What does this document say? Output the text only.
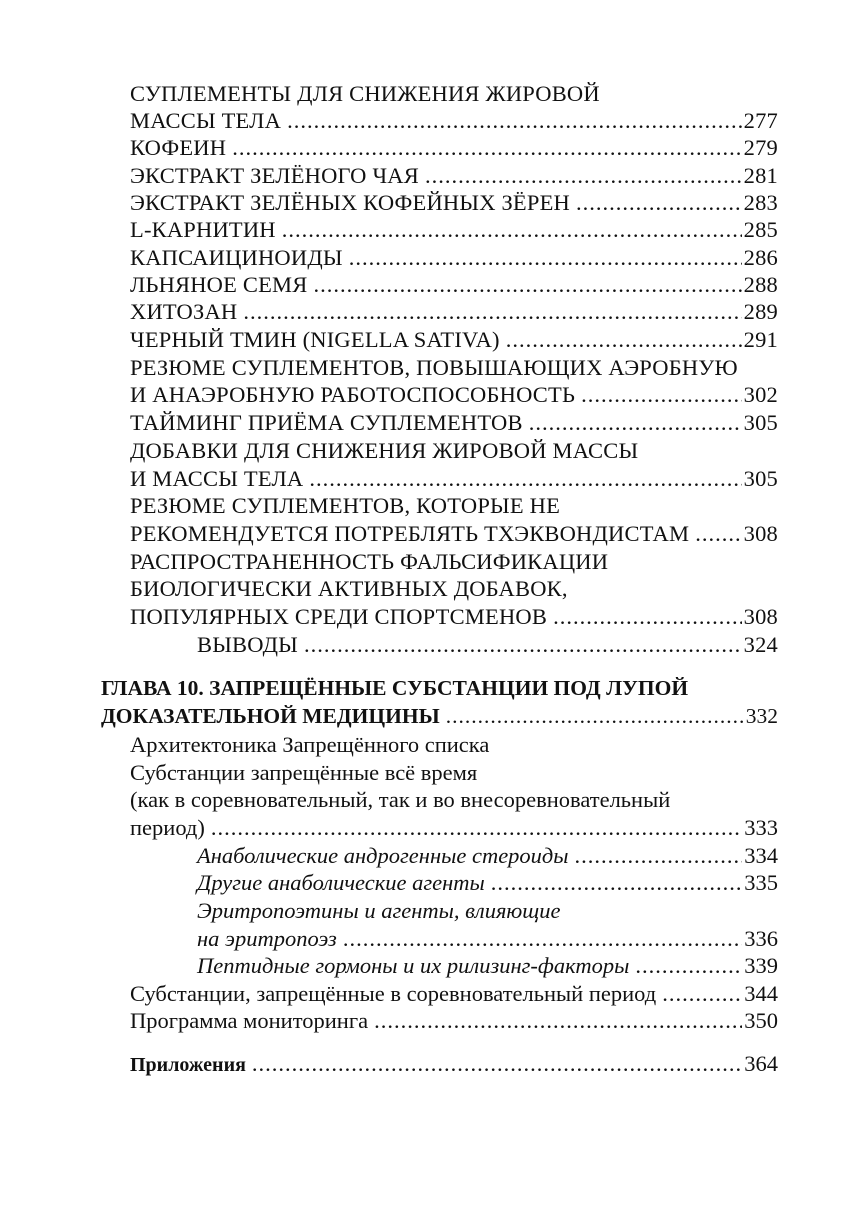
СУПЛЕМЕНТЫ ДЛЯ СНИЖЕНИЯ ЖИРОВОЙ
МАССЫ ТЕЛА .....	277
КОФЕИН .....	279
ЭКСТРАКТ ЗЕЛЁНОГО ЧАЯ .....	281
ЭКСТРАКТ ЗЕЛЁНЫХ КОФЕЙНЫХ ЗЁРЕН .....	283
L-КАРНИТИН .....	285
КАПСАИЦИНОИДЫ .....	286
ЛЬНЯНОЕ СЕМЯ .....	288
ХИТОЗАН .....	289
ЧЕРНЫЙ ТМИН (NIGELLA SATIVA) .....	291
РЕЗЮМЕ СУПЛЕМЕНТОВ, ПОВЫШАЮЩИХ АЭРОБНУЮ
И АНАЭРОБНУЮ РАБОТОСПОСОБНОСТЬ .....	302
ТАЙМИНГ ПРИЁМА СУПЛЕМЕНТОВ .....	305
ДОБАВКИ ДЛЯ СНИЖЕНИЯ ЖИРОВОЙ МАССЫ
И МАССЫ ТЕЛА .....	305
РЕЗЮМЕ СУПЛЕМЕНТОВ, КОТОРЫЕ НЕ
РЕКОМЕНДУЕТСЯ ПОТРЕБЛЯТЬ ТХЭКВОНДИСТАМ ..... 308
РАСПРОСТРАНЕННОСТЬ ФАЛЬСИФИКАЦИИ
БИОЛОГИЧЕСКИ АКТИВНЫХ ДОБАВОК,
ПОПУЛЯРНЫХ СРЕДИ СПОРТСМЕНОВ .....	308
ВЫВОДЫ .....	324
ГЛАВА 10. ЗАПРЕЩЁННЫЕ СУБСТАНЦИИ ПОД ЛУПОЙ
ДОКАЗАТЕЛЬНОЙ МЕДИЦИНЫ .....	332
Архитектоника Запрещённого списка
Субстанции запрещённые всё время
(как в соревновательный, так и во внесоревновательный
период) .....	333
Анаболические андрогенные стероиды .....	334
Другие анаболические агенты .....	335
Эритропоэтины и агенты, влияющие
на эритропоэз .....	336
Пептидные гормоны и их рилизинг-факторы .....	339
Субстанции, запрещённые в соревновательный период .....	344
Программа мониторинга .....	350
Приложения .....	364
